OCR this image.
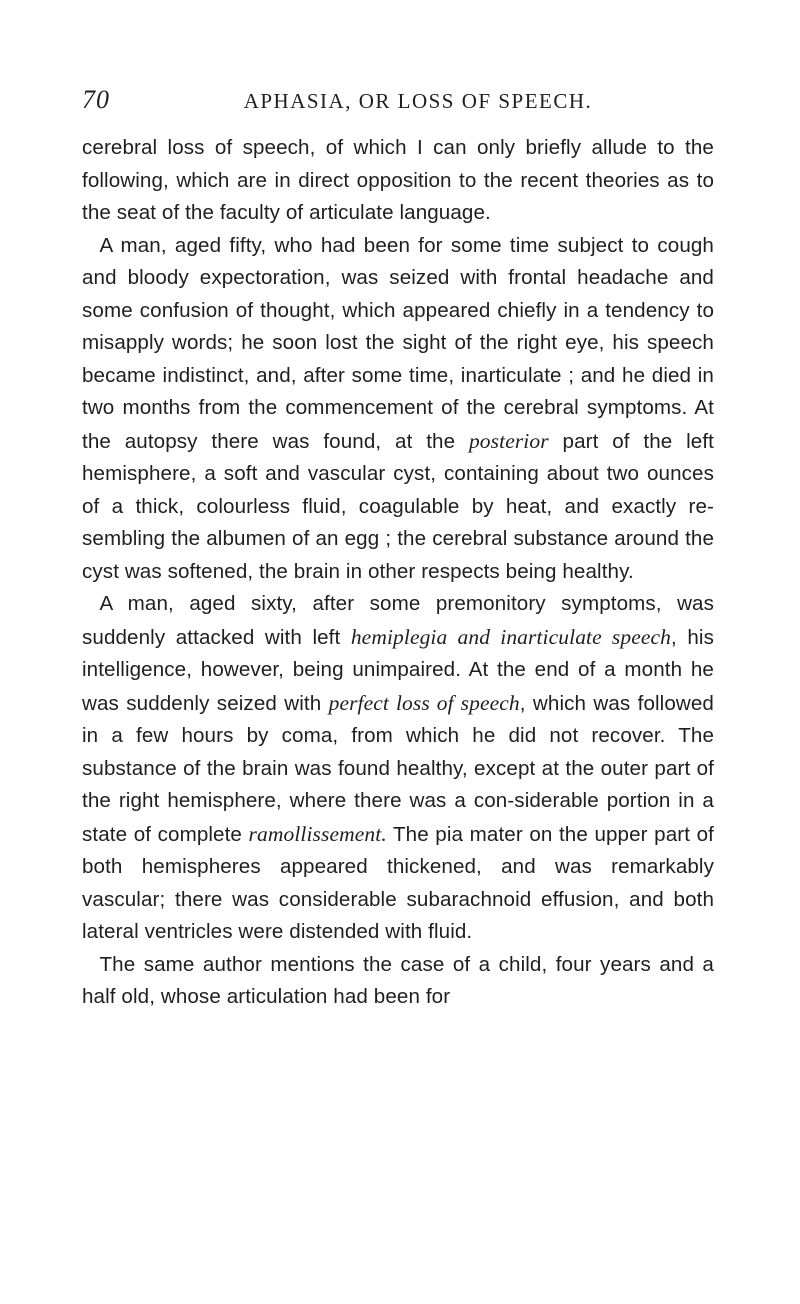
70	APHASIA, OR LOSS OF SPEECH.

cerebral loss of speech, of which I can only briefly allude to the following, which are in direct opposition to the recent theories as to the seat of the faculty of articulate language.

A man, aged fifty, who had been for some time subject to cough and bloody expectoration, was seized with frontal headache and some confusion of thought, which appeared chiefly in a tendency to misapply words; he soon lost the sight of the right eye, his speech became indistinct, and, after some time, inarticulate ; and he died in two months from the commencement of the cerebral symptoms. At the autopsy there was found, at the posterior part of the left hemisphere, a soft and vascular cyst, containing about two ounces of a thick, colourless fluid, coagulable by heat, and exactly re-sembling the albumen of an egg ; the cerebral substance around the cyst was softened, the brain in other respects being healthy.

A man, aged sixty, after some premonitory symptoms, was suddenly attacked with left hemiplegia and inarticulate speech, his intelligence, however, being unimpaired. At the end of a month he was suddenly seized with perfect loss of speech, which was followed in a few hours by coma, from which he did not recover. The substance of the brain was found healthy, except at the outer part of the right hemisphere, where there was a con-siderable portion in a state of complete ramollissement. The pia mater on the upper part of both hemispheres appeared thickened, and was remarkably vascular; there was considerable subarachnoid effusion, and both lateral ventricles were distended with fluid.

The same author mentions the case of a child, four years and a half old, whose articulation had been for
